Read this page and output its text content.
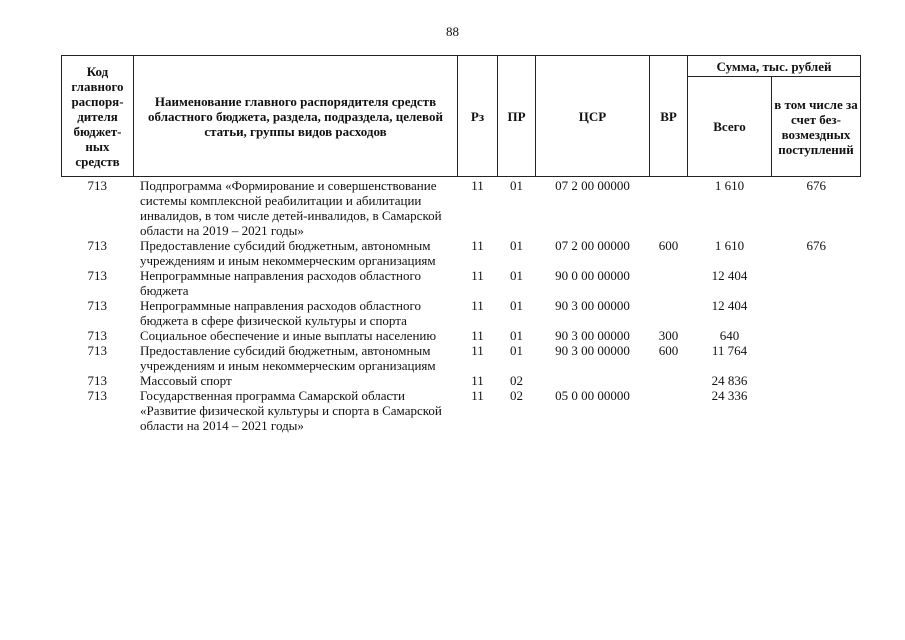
88
Код главного распоря-дителя бюджет-ных средств	Наименование главного распорядителя средств областного бюджета, раздела, подраздела, целевой статьи, группы видов расходов	Рз	ПР	ЦСР	ВР	Сумма, тыс. рублей	
						Всего	в том числе за счет без-возмездных поступлений
713	Подпрограмма «Формирование и совершенствование системы комплексной реабилитации и абилитации инвалидов, в том числе детей-инвалидов, в Самарской области на 2019 – 2021 годы»	11	01	07 2 00 00000		1 610	676
713	Предоставление субсидий бюджетным, автономным учреждениям и иным некоммерческим организациям	11	01	07 2 00 00000	600	1 610	676
713	Непрограммные направления расходов областного бюджета	11	01	90 0 00 00000		12 404	
713	Непрограммные направления расходов областного бюджета в сфере физической культуры и спорта	11	01	90 3 00 00000		12 404	
713	Социальное обеспечение и иные выплаты населению	11	01	90 3 00 00000	300	640	
713	Предоставление субсидий бюджетным, автономным учреждениям и иным некоммерческим организациям	11	01	90 3 00 00000	600	11 764	
713	Массовый спорт	11	02			24 836	
713	Государственная программа Самарской области «Развитие физической культуры и спорта в Самарской области на 2014 – 2021 годы»	11	02	05 0 00 00000		24 336	
